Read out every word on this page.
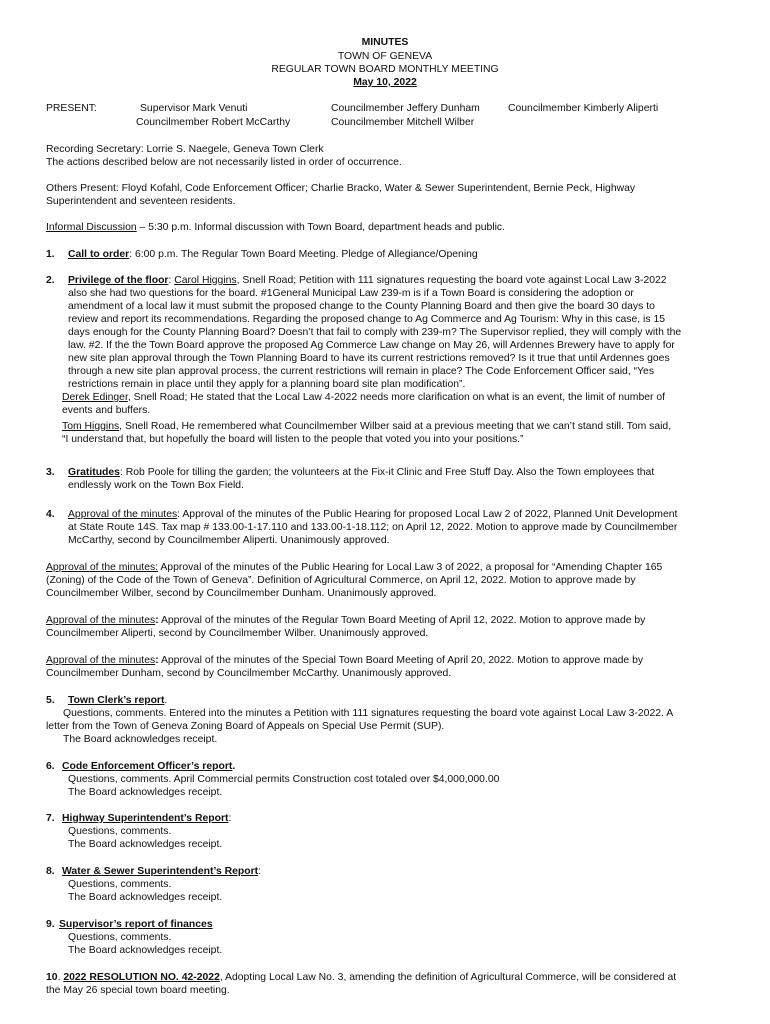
MINUTES
TOWN OF GENEVA
REGULAR TOWN BOARD MONTHLY MEETING
May 10, 2022
PRESENT:	Supervisor Mark Venuti
Councilmember Robert McCarthy
Councilmember Jeffery Dunham
Councilmember Mitchell Wilber
Councilmember Kimberly Aliperti
Recording Secretary: Lorrie S. Naegele, Geneva Town Clerk
The actions described below are not necessarily listed in order of occurrence.
Others Present: Floyd Kofahl, Code Enforcement Officer; Charlie Bracko, Water & Sewer Superintendent, Bernie Peck, Highway
Superintendent and seventeen residents.
Informal Discussion – 5:30 p.m. Informal discussion with Town Board, department heads and public.
1. Call to order: 6:00 p.m. The Regular Town Board Meeting. Pledge of Allegiance/Opening
2. Privilege of the floor: Carol Higgins, Snell Road; Petition with 111 signatures requesting the board vote against Local Law 3-2022
also she had two questions for the board. #1General Municipal Law 239-m is if a Town Board is considering the adoption or
amendment of a local law it must submit the proposed change to the County Planning Board and then give the board 30 days to
review and report its recommendations. Regarding the proposed change to Ag Commerce and Ag Tourism: Why in this case, is 15
days enough for the County Planning Board? Doesn’t that fail to comply with 239-m? The Supervisor replied, they will comply with the
law. #2. If the the Town Board approve the proposed Ag Commerce Law change on May 26, will Ardennes Brewery have to apply for
new site plan approval through the Town Planning Board to have its current restrictions removed? Is it true that until Ardennes goes
through a new site plan approval process, the current restrictions will remain in place? The Code Enforcement Officer said, “Yes
restrictions remain in place until they apply for a planning board site plan modification”.
Derek Edinger, Snell Road; He stated that the Local Law 4-2022 needs more clarification on what is an event, the limit of number of
events and buffers.
Tom Higgins, Snell Road, He remembered what Councilmember Wilber said at a previous meeting that we can’t stand still. Tom said,
“I understand that, but hopefully the board will listen to the people that voted you into your positions.”
3. Gratitudes: Rob Poole for tilling the garden; the volunteers at the Fix-it Clinic and Free Stuff Day. Also the Town employees that
endlessly work on the Town Box Field.
4. Approval of the minutes: Approval of the minutes of the Public Hearing for proposed Local Law 2 of 2022, Planned Unit Development
at State Route 14S. Tax map # 133.00-1-17.110 and 133.00-1-18.112; on April 12, 2022. Motion to approve made by Councilmember
McCarthy, second by Councilmember Aliperti. Unanimously approved.
Approval of the minutes: Approval of the minutes of the Public Hearing for Local Law 3 of 2022, a proposal for “Amending Chapter 165
(Zoning) of the Code of the Town of Geneva”. Definition of Agricultural Commerce, on April 12, 2022. Motion to approve made by
Councilmember Wilber, second by Councilmember Dunham. Unanimously approved.
Approval of the minutes: Approval of the minutes of the Regular Town Board Meeting of April 12, 2022. Motion to approve made by
Councilmember Aliperti, second by Councilmember Wilber. Unanimously approved.
Approval of the minutes: Approval of the minutes of the Special Town Board Meeting of April 20, 2022. Motion to approve made by
Councilmember Dunham, second by Councilmember McCarthy. Unanimously approved.
5. Town Clerk’s report.
Questions, comments. Entered into the minutes a Petition with 111 signatures requesting the board vote against Local Law 3-2022. A
letter from the Town of Geneva Zoning Board of Appeals on Special Use Permit (SUP).
The Board acknowledges receipt.
6. Code Enforcement Officer’s report.
Questions, comments. April Commercial permits Construction cost totaled over $4,000,000.00
The Board acknowledges receipt.
7. Highway Superintendent’s Report:
Questions, comments.
The Board acknowledges receipt.
8. Water & Sewer Superintendent’s Report:
Questions, comments.
The Board acknowledges receipt.
9. Supervisor’s report of finances
Questions, comments.
The Board acknowledges receipt.
10. 2022 RESOLUTION NO. 42-2022, Adopting Local Law No. 3, amending the definition of Agricultural Commerce, will be considered at
the May 26 special town board meeting.
